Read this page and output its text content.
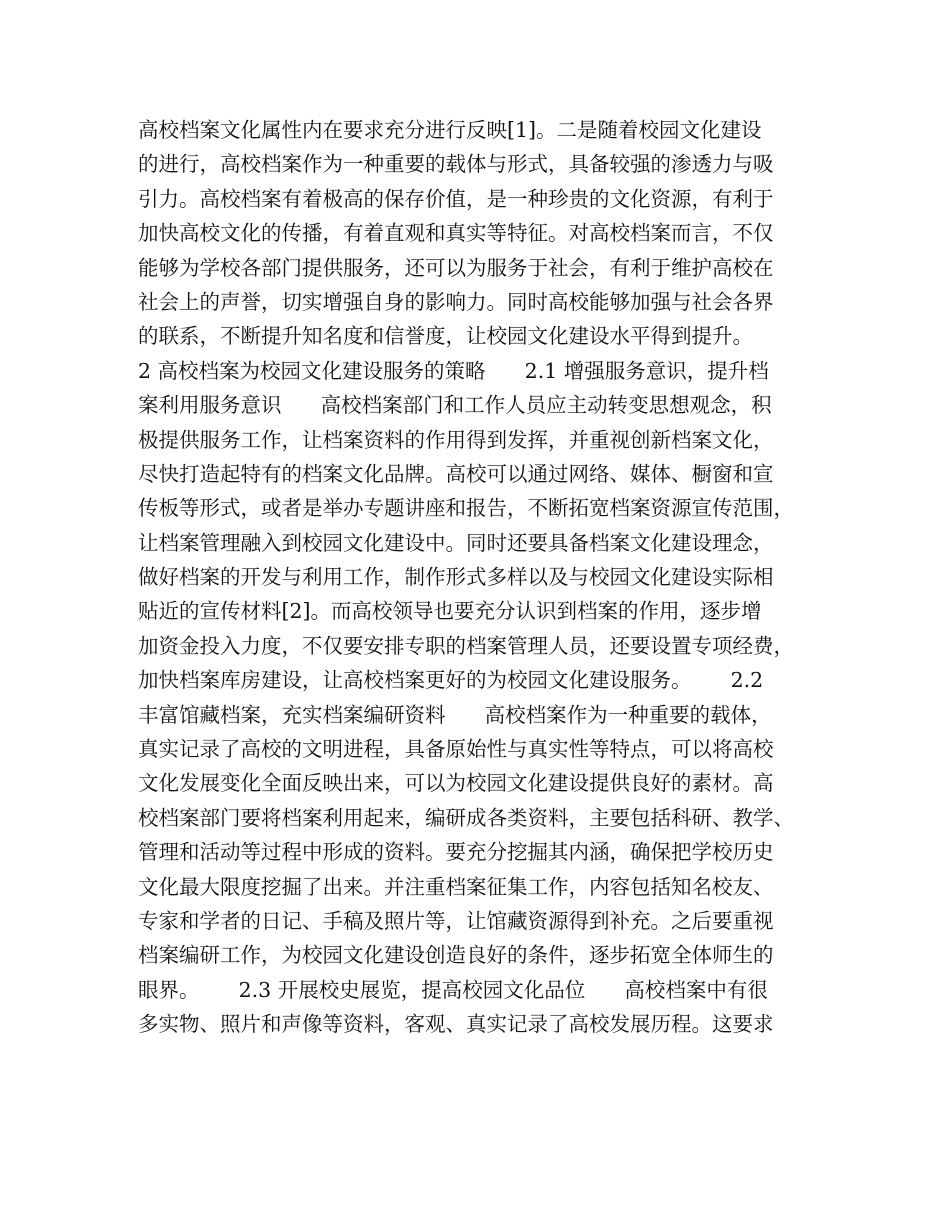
高校档案文化属性内在要求充分进行反映[1]。二是随着校园文化建设
的进行，高校档案作为一种重要的载体与形式，具备较强的渗透力与吸
引力。高校档案有着极高的保存价值，是一种珍贵的文化资源，有利于
加快高校文化的传播，有着直观和真实等特征。对高校档案而言，不仅
能够为学校各部门提供服务，还可以为服务于社会，有利于维护高校在
社会上的声誉，切实增强自身的影响力。同时高校能够加强与社会各界
的联系，不断提升知名度和信誉度，让校园文化建设水平得到提升。
2 高校档案为校园文化建设服务的策略      2.1 增强服务意识，提升档
案利用服务意识      高校档案部门和工作人员应主动转变思想观念，积
极提供服务工作，让档案资料的作用得到发挥，并重视创新档案文化，
尽快打造起特有的档案文化品牌。高校可以通过网络、媒体、橱窗和宣
传板等形式，或者是举办专题讲座和报告，不断拓宽档案资源宣传范围，
让档案管理融入到校园文化建设中。同时还要具备档案文化建设理念，
做好档案的开发与利用工作，制作形式多样以及与校园文化建设实际相
贴近的宣传材料[2]。而高校领导也要充分认识到档案的作用，逐步增
加资金投入力度，不仅要安排专职的档案管理人员，还要设置专项经费，
加快档案库房建设，让高校档案更好的为校园文化建设服务。      2.2
丰富馆藏档案，充实档案编研资料      高校档案作为一种重要的载体，
真实记录了高校的文明进程，具备原始性与真实性等特点，可以将高校
文化发展变化全面反映出来，可以为校园文化建设提供良好的素材。高
校档案部门要将档案利用起来，编研成各类资料，主要包括科研、教学、
管理和活动等过程中形成的资料。要充分挖掘其内涵，确保把学校历史
文化最大限度挖掘了出来。并注重档案征集工作，内容包括知名校友、
专家和学者的日记、手稿及照片等，让馆藏资源得到补充。之后要重视
档案编研工作，为校园文化建设创造良好的条件，逐步拓宽全体师生的
眼界。      2.3 开展校史展览，提高校园文化品位      高校档案中有很
多实物、照片和声像等资料，客观、真实记录了高校发展历程。这要求
